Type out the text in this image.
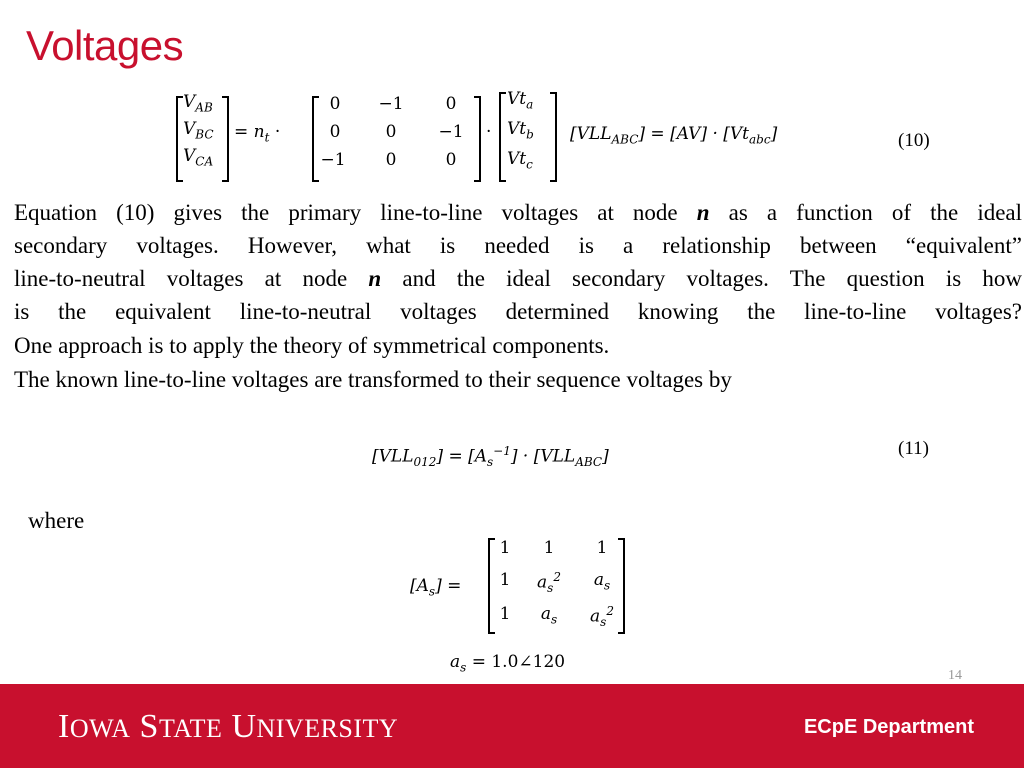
Voltages
$V_{AB}$
$V_{BC}$
$V_{CA}$
= $n_t$ ·
0	−1	0
0	0	−1
−1	0	0
·
$Vt_a$
$Vt_b$
$Vt_c$
$[VLL_{ABC}] = [AV] \cdot [Vt_{abc}]$	(10)
Equation (10) gives the primary line-to-line voltages at node n as a function of the ideal
secondary voltages. However, what is needed is a relationship between “equivalent”
line-to-neutral voltages at node n and the ideal secondary voltages. The question is how
is the equivalent line-to-neutral voltages determined knowing the line-to-line voltages?
One approach is to apply the theory of symmetrical components.
The known line-to-line voltages are transformed to their sequence voltages by
$[VLL_{012}] = [A_s^{-1}] \cdot [VLL_{ABC}]$	(11)
where
$[A_s]$ =
1	1	1
1	$a_s^2$	$a_s$
1	$a_s$	$a_s^2$
$a_s$ = 1.0∠120
14
IOWA STATE UNIVERSITY	ECpE Department
